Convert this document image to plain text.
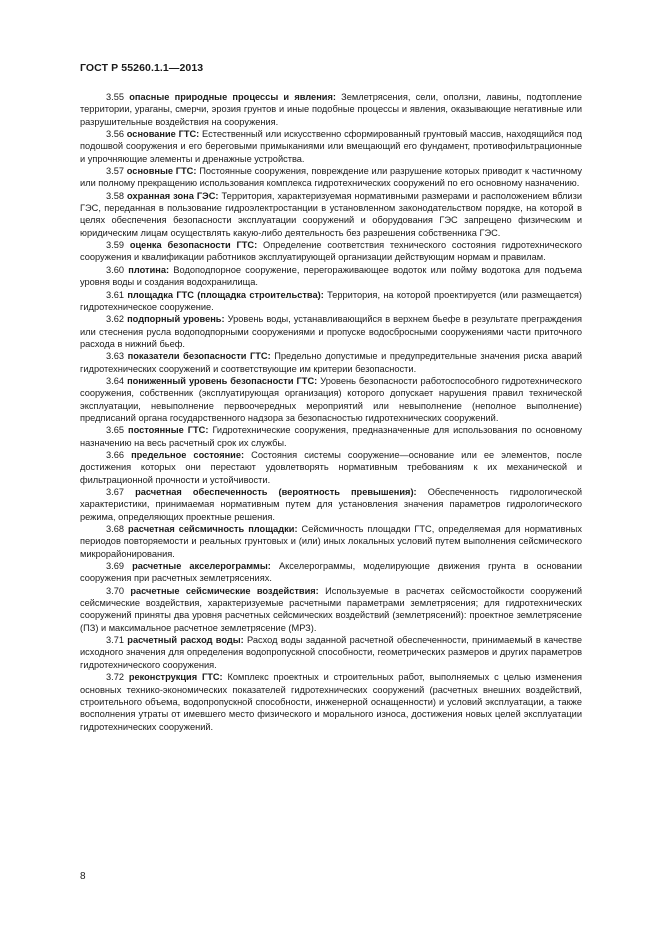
ГОСТ Р 55260.1.1—2013

3.55 опасные природные процессы и явления: Землетрясения, сели, оползни, лавины, подтопление территории, ураганы, смерчи, эрозия грунтов и иные подобные процессы и явления, оказывающие негативные или разрушительные воздействия на сооружения.

3.56 основание ГТС: Естественный или искусственно сформированный грунтовый массив, находящийся под подошвой сооружения и его береговыми примыканиями или вмещающий его фундамент, противофильтрационные и упрочняющие элементы и дренажные устройства.

3.57 основные ГТС: Постоянные сооружения, повреждение или разрушение которых приводит к частичному или полному прекращению использования комплекса гидротехнических сооружений по его основному назначению.

3.58 охранная зона ГЭС: Территория, характеризуемая нормативными размерами и расположением вблизи ГЭС, переданная в пользование гидроэлектростанции в установленном законодательством порядке, на которой в целях обеспечения безопасности эксплуатации сооружений и оборудования ГЭС запрещено физическим и юридическим лицам осуществлять какую-либо деятельность без разрешения собственника ГЭС.

3.59 оценка безопасности ГТС: Определение соответствия технического состояния гидротехнического сооружения и квалификации работников эксплуатирующей организации действующим нормам и правилам.

3.60 плотина: Водоподпорное сооружение, перегораживающее водоток или пойму водотока для подъема уровня воды и создания водохранилища.

3.61 площадка ГТС (площадка строительства): Территория, на которой проектируется (или размещается) гидротехническое сооружение.

3.62 подпорный уровень: Уровень воды, устанавливающийся в верхнем бьефе в результате преграждения или стеснения русла водоподпорными сооружениями и пропуске водосбросными сооружениями части приточного расхода в нижний бьеф.

3.63 показатели безопасности ГТС: Предельно допустимые и предупредительные значения риска аварий гидротехнических сооружений и соответствующие им критерии безопасности.

3.64 пониженный уровень безопасности ГТС: Уровень безопасности работоспособного гидротехнического сооружения, собственник (эксплуатирующая организация) которого допускает нарушения правил технической эксплуатации, невыполнение первоочередных мероприятий или невыполнение (неполное выполнение) предписаний органа государственного надзора за безопасностью гидротехнических сооружений.

3.65 постоянные ГТС: Гидротехнические сооружения, предназначенные для использования по основному назначению на весь расчетный срок их службы.

3.66 предельное состояние: Состояния системы сооружение—основание или ее элементов, после достижения которых они перестают удовлетворять нормативным требованиям к их механической и фильтрационной прочности и устойчивости.

3.67 расчетная обеспеченность (вероятность превышения): Обеспеченность гидрологической характеристики, принимаемая нормативным путем для установления значения параметров гидрологического режима, определяющих проектные решения.

3.68 расчетная сейсмичность площадки: Сейсмичность площадки ГТС, определяемая для нормативных периодов повторяемости и реальных грунтовых и (или) иных локальных условий путем выполнения сейсмического микрорайонирования.

3.69 расчетные акселерограммы: Акселерограммы, моделирующие движения грунта в основании сооружения при расчетных землетрясениях.

3.70 расчетные сейсмические воздействия: Используемые в расчетах сейсмостойкости сооружений сейсмические воздействия, характеризуемые расчетными параметрами землетрясения; для гидротехнических сооружений приняты два уровня расчетных сейсмических воздействий (землетрясений): проектное землетрясение (ПЗ) и максимальное расчетное землетрясение (МРЗ).

3.71 расчетный расход воды: Расход воды заданной расчетной обеспеченности, принимаемый в качестве исходного значения для определения водопропускной способности, геометрических размеров и других параметров гидротехнического сооружения.

3.72 реконструкция ГТС: Комплекс проектных и строительных работ, выполняемых с целью изменения основных технико-экономических показателей гидротехнических сооружений (расчетных внешних воздействий, строительного объема, водопропускной способности, инженерной оснащенности) и условий эксплуатации, а также восполнения утраты от имевшего место физического и морального износа, достижения новых целей эксплуатации гидротехнических сооружений.

8
